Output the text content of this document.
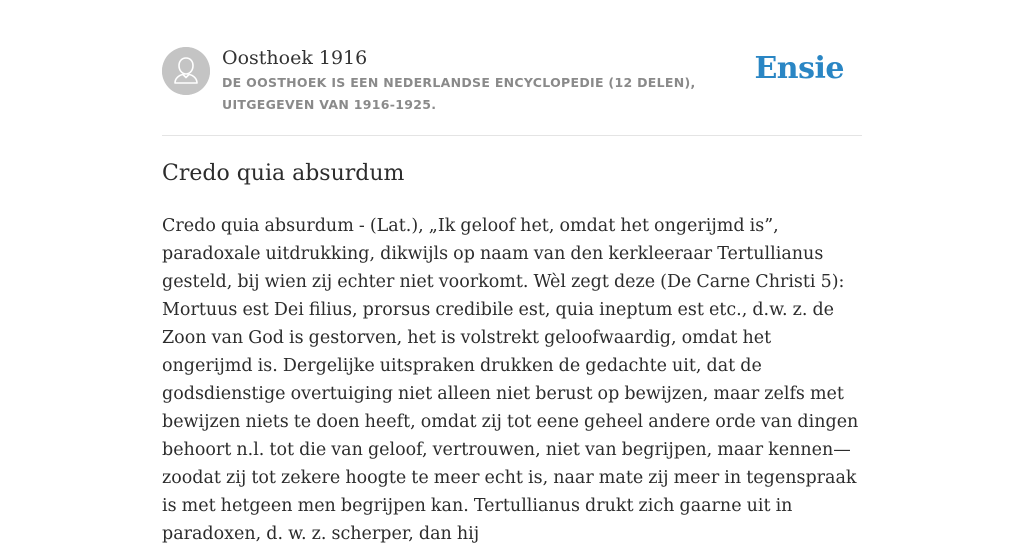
Oosthoek 1916
DE OOSTHOEK IS EEN NEDERLANDSE ENCYCLOPEDIE (12 DELEN), UITGEGEVEN VAN 1916-1925.
Ensie
Credo quia absurdum

Credo quia absurdum - (Lat.), „Ik geloof het, omdat het ongerijmd is”, paradoxale uitdrukking, dikwijls op naam van den kerkleeraar Tertullianus gesteld, bij wien zij echter niet voorkomt. Wèl zegt deze (De Carne Christi 5): Mortuus est Dei filius, prorsus credibile est, quia ineptum est etc., d.w. z. de Zoon van God is gestorven, het is volstrekt geloofwaardig, omdat het ongerijmd is. Dergelijke uitspraken drukken de gedachte uit, dat de godsdienstige overtuiging niet alleen niet berust op bewijzen, maar zelfs met bewijzen niets te doen heeft, omdat zij tot eene geheel andere orde van dingen behoort n.l. tot die van geloof, vertrouwen, niet van begrijpen, maar kennen— zoodat zij tot zekere hoogte te meer echt is, naar mate zij meer in tegenspraak is met hetgeen men begrijpen kan. Tertullianus drukt zich gaarne uit in paradoxen, d. w. z. scherper, dan hij
